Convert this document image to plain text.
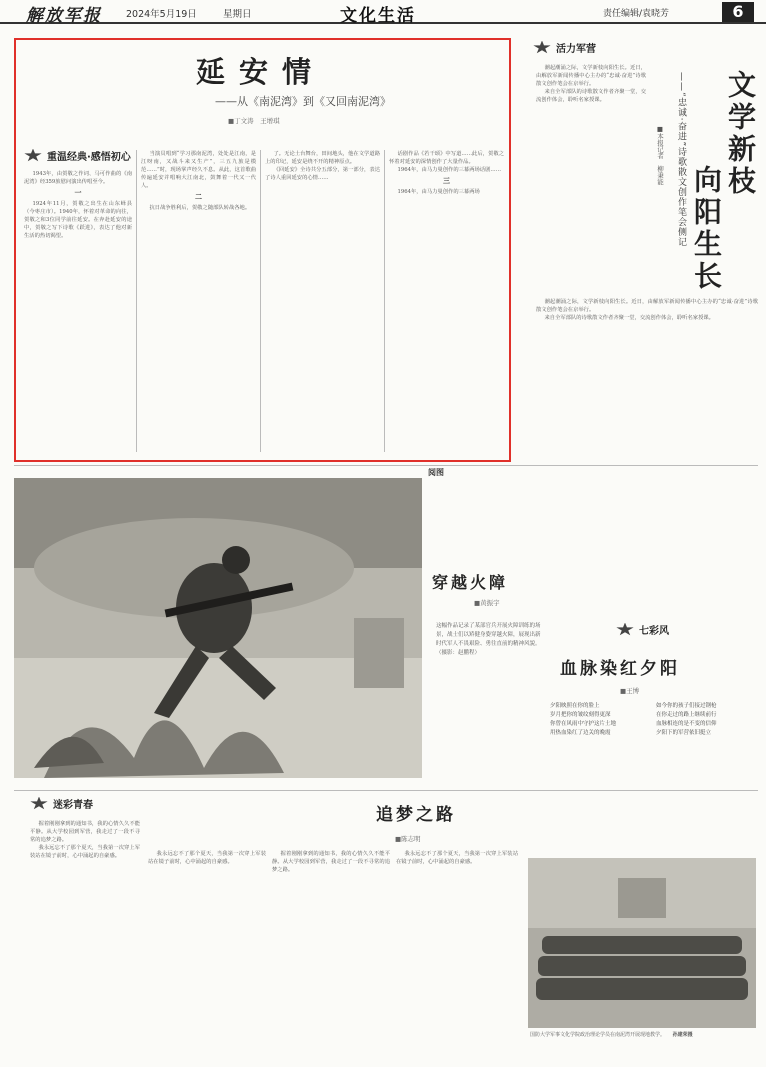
解放军报	2024年5月19日	星期日	文化生活	责任编辑/袁晓芳	6
延安情
——从《南泥湾》到《又回南泥湾》
■丁文涛　王增琪
重温经典·感悟初心

1943年，由贺敬之作词、马可作曲的《南泥湾》经359旅慰问演出传唱至今。

一

1924年11月，贺敬之出生在山东峄县（今枣庄市）。1940年，怀着对革命的向往，贺敬之和3位同学前往延安。在奔赴延安的途中，贺敬之写下诗歌《跃进》，表达了他对新生活的热切渴望。

当演员唱到“学习那南泥湾，处处是江南，是江呀南，又战斗来又生产”，三五九旅是模范……”时，现场掌声经久不息。从此，这首歌曲传遍延安并唱响大江南北，鼓舞着一代又一代人。

二

抗日战争胜利后，贺敬之随部队转战各地。

了。无论土台舞台，田间地头，他在文学道路上的印记，延安是绕不开的精神原点。

《回延安》全诗共分五部分，第一部分，表达了诗人重回延安的心情……

话剧作品《若干颂》中写道……此后，贺敬之怀着对延安的深情创作了大量作品。

1964年，由马力曼创作的三幕两场话剧……

三

1964年，由马力曼创作的三幕两场

活力军营

潮起潮涌之际，文学新枝向阳生长。近日，由解放军新闻传播中心主办的“忠诚·奋进”诗歌散文创作笔会在京举行。

来自全军部队的诗歌散文作者齐聚一堂，交流创作体会，聆听名家授课。	文学新枝
向阳生长
——“忠诚·奋进”诗歌散文创作笔会侧记
■本报记者　柳秉能

潮起潮涌之际，文学新枝向阳生长。近日，由解放军新闻传播中心主办的“忠诚·奋进”诗歌散文创作笔会在京举行。

来自全军部队的诗歌散文作者齐聚一堂，交流创作体会，聆听名家授课。

阅图
穿越火障
■黄振宇
这幅作品记录了某部官兵开展火障训练的场景，战士们以矫健身姿穿越火障，展现出新时代军人不畏艰险、勇往直前的精神风貌。（摄影：赵鹏程）
七彩风
血脉染红夕阳
■王博
夕阳映照在你的脸上
岁月把你的皱纹刻得更深
你曾在风雨中守护这片土地
用热血染红了边关的晚霞
如今你的孩子们接过钢枪
在你走过的路上继续前行
血脉相连的是不变的信仰
夕阳下的军营依旧挺立
迷彩青春	追梦之路
■陈志明

握着刚刚拿到的通知书，我的心情久久不能平静。从大学校园到军营，我走过了一段不寻常的追梦之路。

我永远忘不了那个夏天，当我第一次穿上军装站在镜子前时，心中涌起的自豪感。	我永远忘不了那个夏天，当我第一次穿上军装站在镜子前时，心中涌起的自豪感。

握着刚刚拿到的通知书，我的心情久久不能平静。从大学校园到军营，我走过了一段不寻常的追梦之路。

我永远忘不了那个夏天，当我第一次穿上军装站在镜子前时，心中涌起的自豪感。

国防大学军事文化学院政治理论学员在南泥湾开展现地教学。 孙建荣摄
